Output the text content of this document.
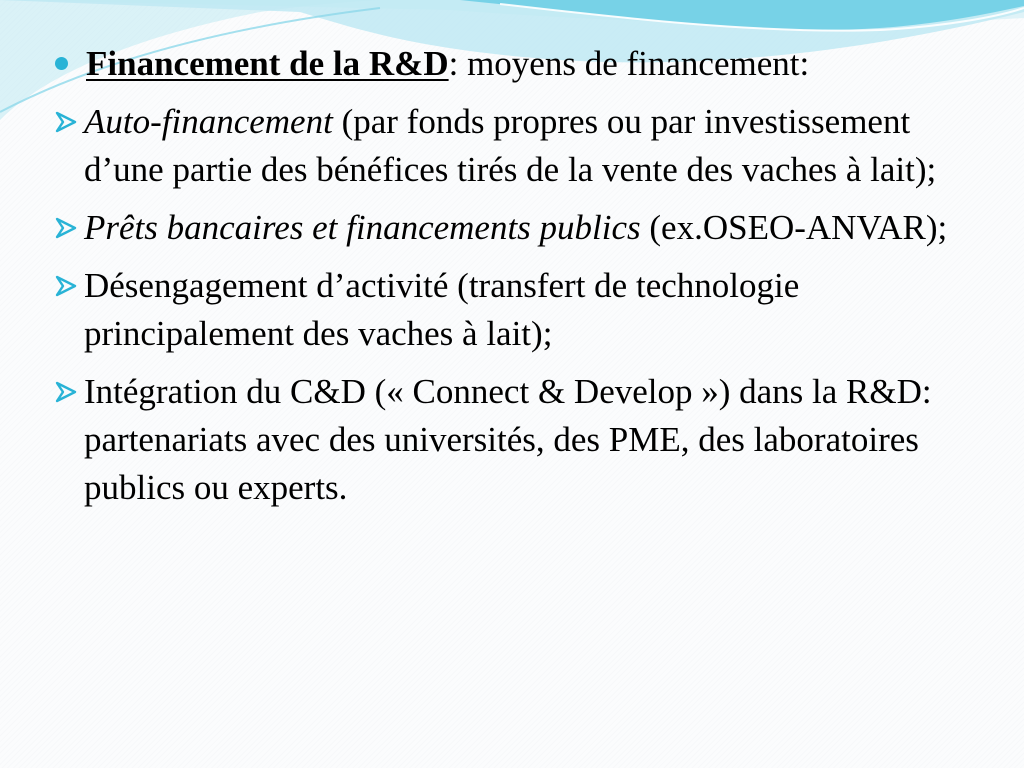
Financement de la R&D: moyens de financement:
Auto-financement (par fonds propres ou par investissement d’une partie des bénéfices tirés de la vente des vaches à lait);
Prêts bancaires et financements publics (ex.OSEO-ANVAR);
Désengagement d’activité (transfert de technologie principalement des vaches à lait);
Intégration du C&D (« Connect & Develop ») dans la R&D: partenariats avec des universités, des PME, des laboratoires publics ou experts.
